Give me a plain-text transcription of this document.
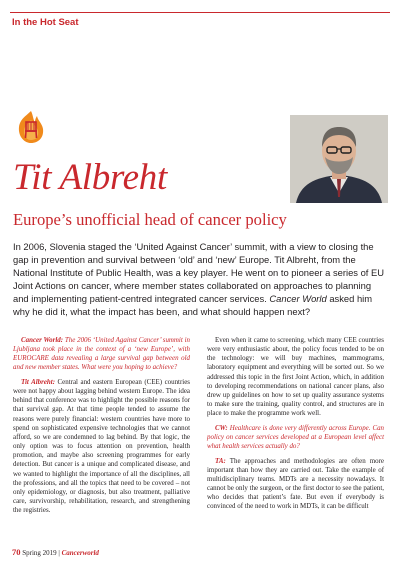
In the Hot Seat
Tit Albreht
Europe’s unofficial head of cancer policy
In 2006, Slovenia staged the ‘United Against Cancer’ summit, with a view to closing the gap in prevention and survival between ‘old’ and ‘new’ Europe. Tit Albreht, from the National Institute of Public Health, was a key player. He went on to pioneer a series of EU Joint Actions on cancer, where member states collaborated on approaches to planning and implementing patient-centred integrated cancer services. Cancer World asked him why he did it, what the impact has been, and what should happen next?

Cancer World: The 2006 ‘United Against Cancer’ summit in Ljubljana took place in the context of a ‘new Europe’, with EUROCARE data revealing a large survival gap between old and new member states. What were you hoping to achieve?

Tit Albreht: Central and eastern European (CEE) countries were not happy about lagging behind western Europe. The idea behind that conference was to highlight the possible reasons for that survival gap. At that time people tended to assume the reasons were purely financial: western countries have more to spend on sophisticated expensive technologies that we cannot afford, so we are condemned to lag behind. By that logic, the only option was to focus attention on prevention, health promotion, and maybe also screening programmes for early detection. But cancer is a unique and complicated disease, and we wanted to highlight the importance of all the disciplines, all the professions, and all the topics that need to be covered – not only epidemiology, or diagnosis, but also treatment, palliative care, survivorship, rehabilitation, research, and strengthening the registries.

Even when it came to screening, which many CEE countries were very enthusiastic about, the policy focus tended to be on the technology: we will buy machines, mammograms, laboratory equipment and everything will be sorted out. So we addressed this topic in the first Joint Action, which, in addition to developing recommendations on national cancer plans, also drew up guidelines on how to set up quality assurance systems to make sure the training, quality control, and structures are in place to make the programme work well.

CW: Healthcare is done very differently across Europe. Can policy on cancer services developed at a European level affect what health services actually do?

TA: The approaches and methodologies are often more important than how they are carried out. Take the example of multidisciplinary teams. MDTs are a necessity nowadays. It cannot be only the surgeon, or the first doctor to see the patient, who decides that patient’s fate. But even if everybody is convinced of the need to work in MDTs, it can be difficult

70 Spring 2019 | Cancerworld
